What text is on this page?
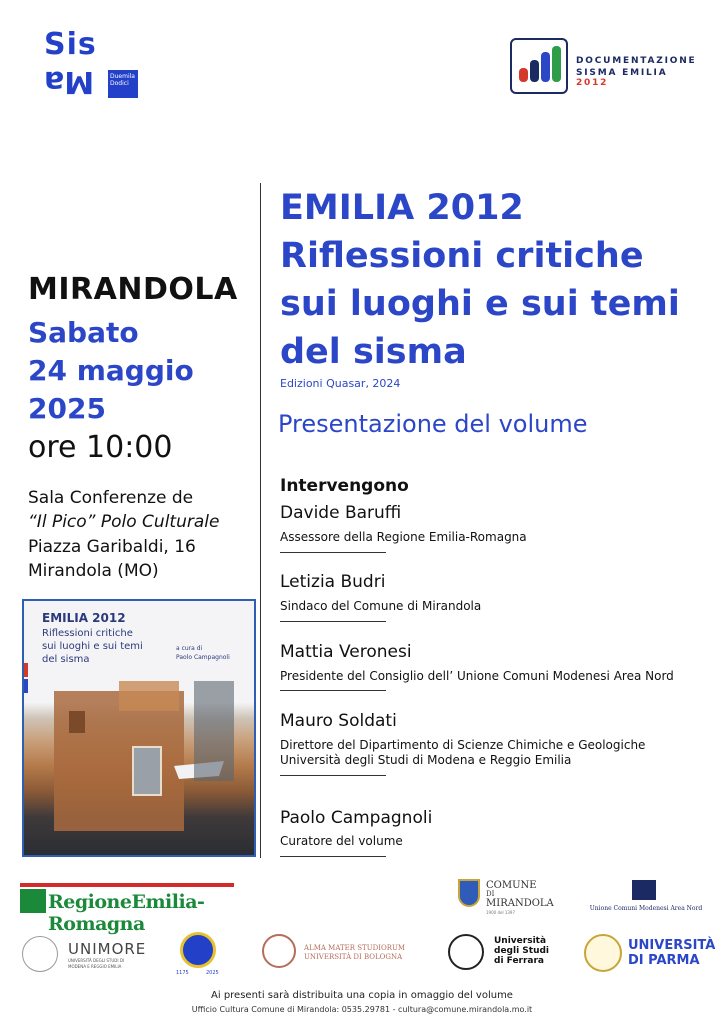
Sis
Ma	Duemila Dodici
DOCUMENTAZIONE
SISMA EMILIA 2012
MIRANDOLA
Sabato
24 maggio
2025
ore 10:00
Sala Conferenze de
“Il Pico” Polo Culturale
Piazza Garibaldi, 16
Mirandola (MO)
EMILIA 2012
Riflessioni critiche
sui luoghi e sui temi
del sisma
a cura di
Paolo Campagnoli
EMILIA 2012
Riflessioni critiche
sui luoghi e sui temi
del sisma
Edizioni Quasar, 2024
Presentazione del volume
Intervengono
Davide Baruffi
Assessore della Regione Emilia-Romagna
Letizia Budri
Sindaco del Comune di Mirandola
Mattia Veronesi
Presidente del Consiglio dell’ Unione Comuni Modenesi Area Nord
Mauro Soldati
Direttore del Dipartimento di Scienze Chimiche e Geologiche
Università degli Studi di Modena e Reggio Emilia
Paolo Campagnoli
Curatore del volume
RegioneEmilia-Romagna
COMUNE
DI
MIRANDOLA
1900 del 1397
Unione Comuni Modenesi Area Nord
UNIMORE
UNIVERSITÀ DEGLI STUDI DI
MODENA E REGGIO EMILIA
1175	2025
ALMA MATER STUDIORUM
UNIVERSITÀ DI BOLOGNA
Università
degli Studi
di Ferrara
UNIVERSITÀ
DI PARMA
Ai presenti sarà distribuita una copia in omaggio del volume
Ufficio Cultura Comune di Mirandola: 0535.29781 - cultura@comune.mirandola.mo.it
